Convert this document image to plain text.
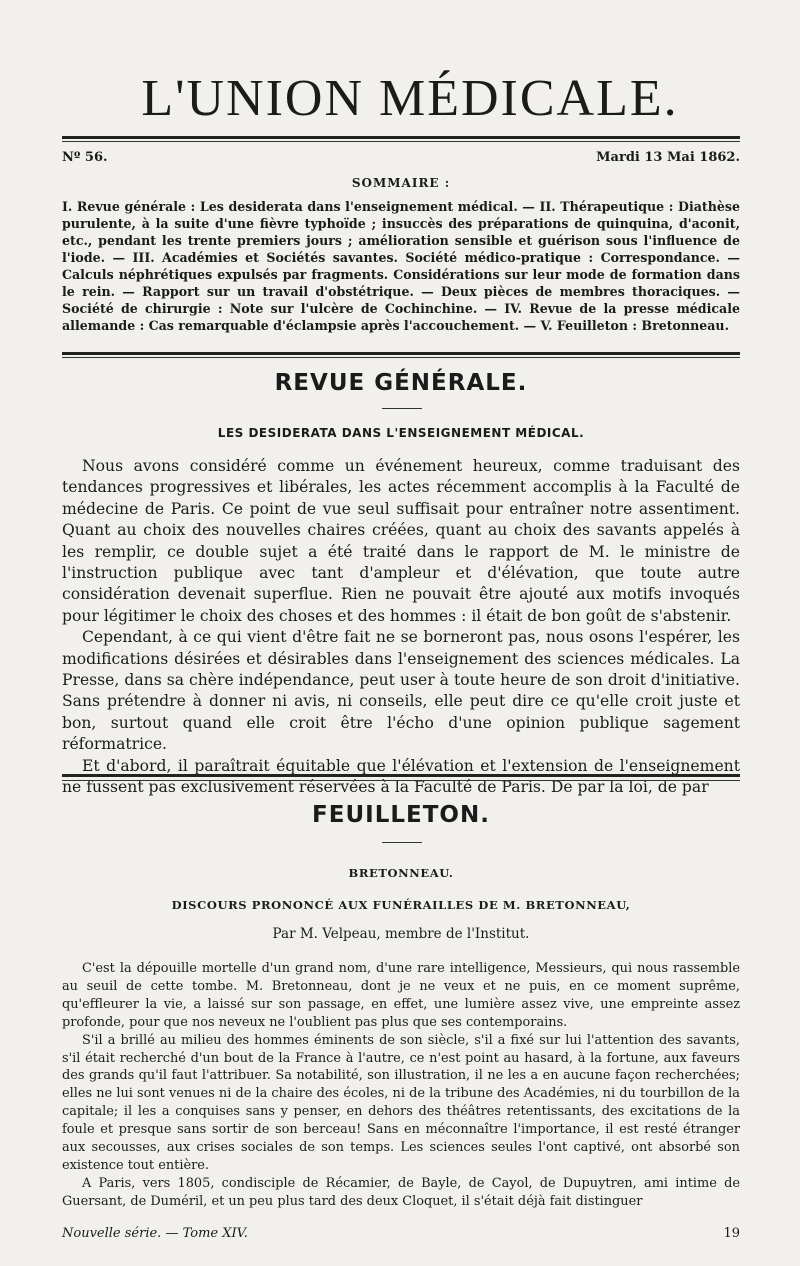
L'UNION MÉDICALE.
Nº 56.	Mardi 13 Mai 1862.
SOMMAIRE :

I. Revue générale : Les desiderata dans l'enseignement médical. — II. Thérapeutique : Diathèse purulente, à la suite d'une fièvre typhoïde ; insuccès des préparations de quinquina, d'aconit, etc., pendant les trente premiers jours ; amélioration sensible et guérison sous l'influence de l'iode. — III. Académies et Sociétés savantes. Société médico-pratique : Correspondance. — Calculs néphrétiques expulsés par fragments. Considérations sur leur mode de formation dans le rein. — Rapport sur un travail d'obstétrique. — Deux pièces de membres thoraciques. — Société de chirurgie : Note sur l'ulcère de Cochinchine. — IV. Revue de la presse médicale allemande : Cas remarquable d'éclampsie après l'accouchement. — V. Feuilleton : Bretonneau.

REVUE GÉNÉRALE.
LES DESIDERATA DANS L'ENSEIGNEMENT MÉDICAL.

Nous avons considéré comme un événement heureux, comme traduisant des tendances progressives et libérales, les actes récemment accomplis à la Faculté de médecine de Paris. Ce point de vue seul suffisait pour entraîner notre assentiment. Quant au choix des nouvelles chaires créées, quant au choix des savants appelés à les remplir, ce double sujet a été traité dans le rapport de M. le ministre de l'instruction publique avec tant d'ampleur et d'élévation, que toute autre considération devenait superflue. Rien ne pouvait être ajouté aux motifs invoqués pour légitimer le choix des choses et des hommes : il était de bon goût de s'abstenir.

Cependant, à ce qui vient d'être fait ne se borneront pas, nous osons l'espérer, les modifications désirées et désirables dans l'enseignement des sciences médicales. La Presse, dans sa chère indépendance, peut user à toute heure de son droit d'initiative. Sans prétendre à donner ni avis, ni conseils, elle peut dire ce qu'elle croit juste et bon, surtout quand elle croit être l'écho d'une opinion publique sagement réformatrice.

Et d'abord, il paraîtrait équitable que l'élévation et l'extension de l'enseignement ne fussent pas exclusivement réservées à la Faculté de Paris. De par la loi, de par

FEUILLETON.
BRETONNEAU.
DISCOURS PRONONCÉ AUX FUNÉRAILLES DE M. BRETONNEAU,
Par M. Velpeau, membre de l'Institut.

C'est la dépouille mortelle d'un grand nom, d'une rare intelligence, Messieurs, qui nous rassemble au seuil de cette tombe. M. Bretonneau, dont je ne veux et ne puis, en ce moment suprême, qu'effleurer la vie, a laissé sur son passage, en effet, une lumière assez vive, une empreinte assez profonde, pour que nos neveux ne l'oublient pas plus que ses contemporains.

S'il a brillé au milieu des hommes éminents de son siècle, s'il a fixé sur lui l'attention des savants, s'il était recherché d'un bout de la France à l'autre, ce n'est point au hasard, à la fortune, aux faveurs des grands qu'il faut l'attribuer. Sa notabilité, son illustration, il ne les a en aucune façon recherchées; elles ne lui sont venues ni de la chaire des écoles, ni de la tribune des Académies, ni du tourbillon de la capitale; il les a conquises sans y penser, en dehors des théâtres retentissants, des excitations de la foule et presque sans sortir de son berceau! Sans en méconnaître l'importance, il est resté étranger aux secousses, aux crises sociales de son temps. Les sciences seules l'ont captivé, ont absorbé son existence tout entière.

A Paris, vers 1805, condisciple de Récamier, de Bayle, de Cayol, de Dupuytren, ami intime de Guersant, de Duméril, et un peu plus tard des deux Cloquet, il s'était déjà fait distinguer

Nouvelle série. — Tome XIV.	19
